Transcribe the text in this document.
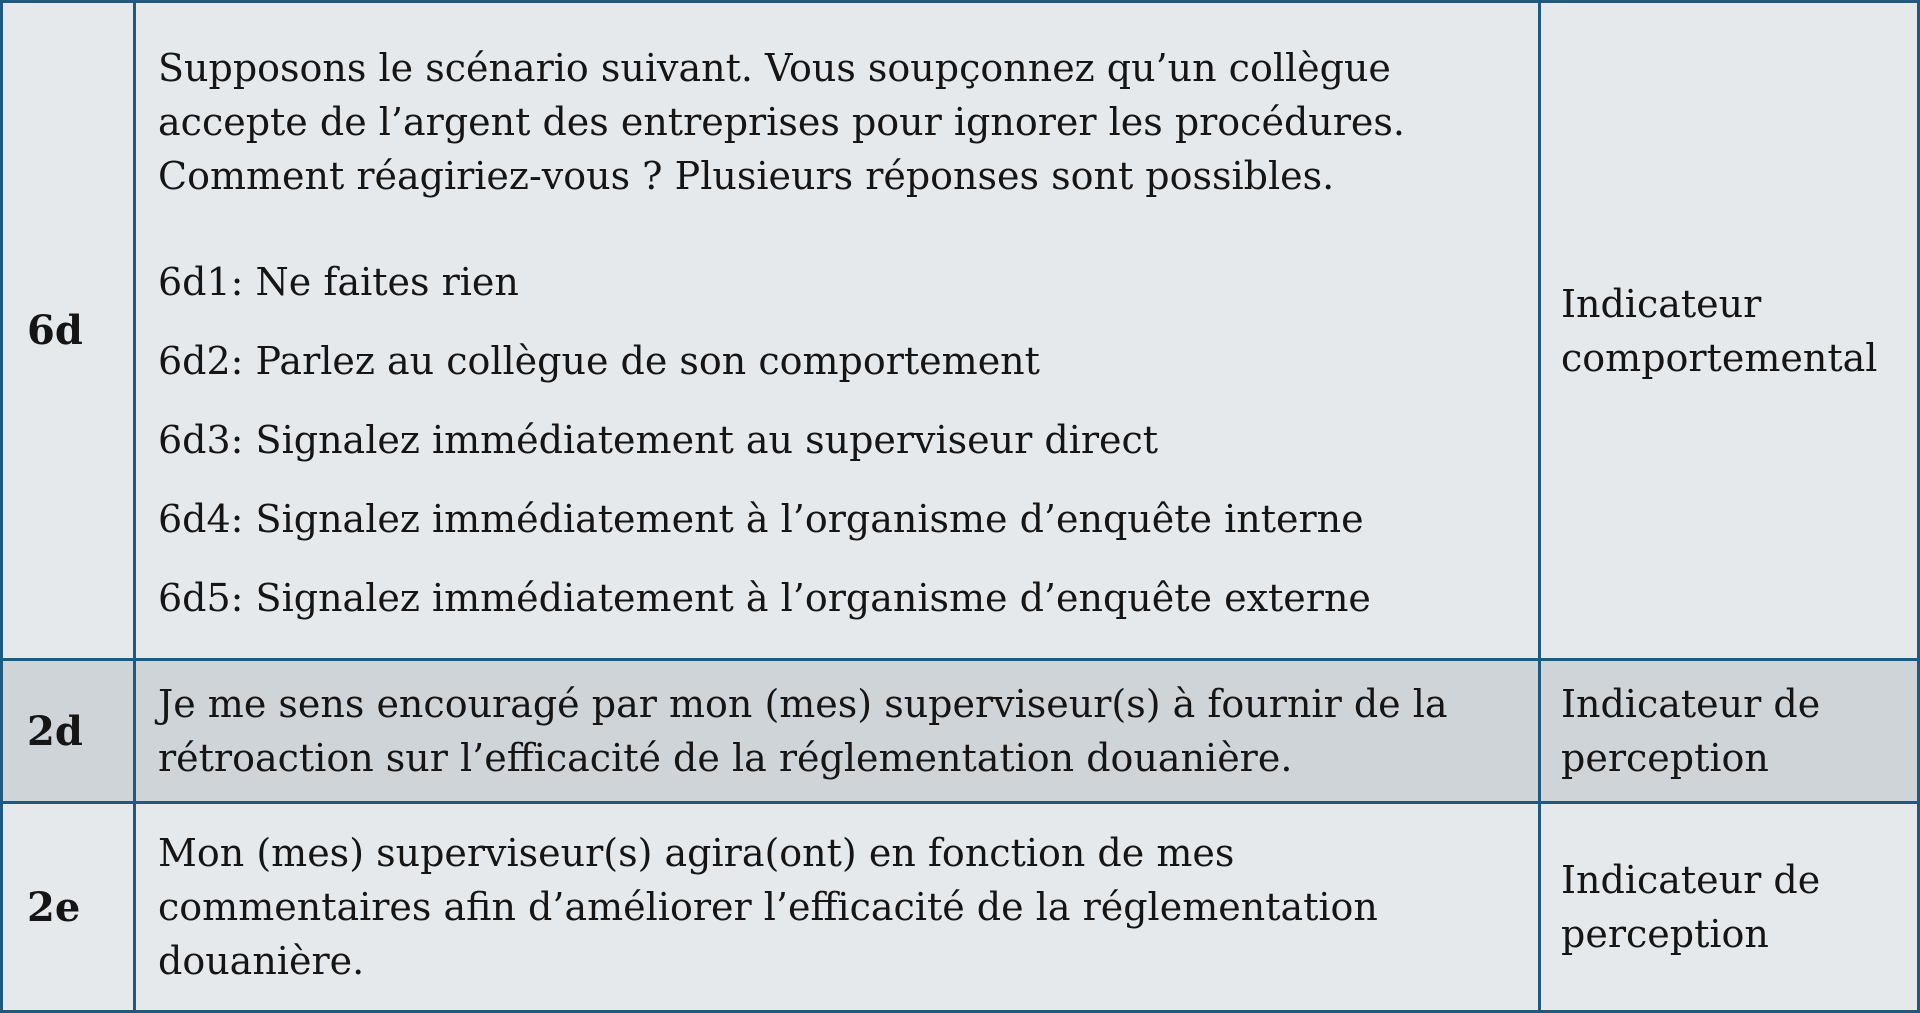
6d

Supposons le scénario suivant. Vous soupçonnez qu’un collègue

accepte de l’argent des entreprises pour ignorer les procédures.

Comment réagiriez-vous ? Plusieurs réponses sont possibles.

6d1: Ne faites rien

6d2: Parlez au collègue de son comportement

6d3: Signalez immédiatement au superviseur direct

6d4: Signalez immédiatement à l’organisme d’enquête interne

6d5: Signalez immédiatement à l’organisme d’enquête externe

Indicateur

comportemental

2d

Je me sens encouragé par mon (mes) superviseur(s) à fournir de la

rétroaction sur l’efficacité de la réglementation douanière.

Indicateur de

perception

2e

Mon (mes) superviseur(s) agira(ont) en fonction de mes

commentaires afin d’améliorer l’efficacité de la réglementation

douanière.

Indicateur de

perception
